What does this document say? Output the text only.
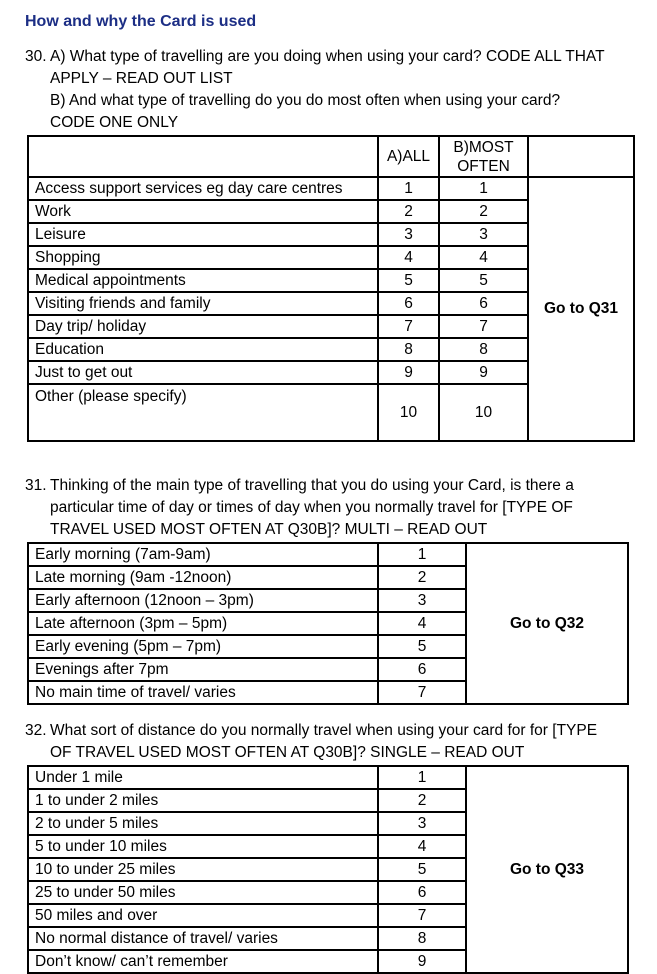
How and why the Card is used
30. A) What type of travelling are you doing when using your card? CODE ALL THAT
APPLY – READ OUT LIST
B) And what type of travelling do you do most often when using your card?
CODE ONE ONLY
	A)ALL	B)MOST OFTEN	
Access support services eg day care centres	1	1	Go to Q31
Work	2	2	
Leisure	3	3	
Shopping	4	4	
Medical appointments	5	5	
Visiting friends and family	6	6	
Day trip/ holiday	7	7	
Education	8	8	
Just to get out	9	9	
Other (please specify)	10	10	
31. Thinking of the main type of travelling that you do using your Card, is there a
particular time of day or times of day when you normally travel for [TYPE OF
TRAVEL USED MOST OFTEN AT Q30B]? MULTI – READ OUT
Early morning (7am-9am)	1	Go to Q32
Late morning (9am -12noon)	2	
Early afternoon (12noon – 3pm)	3	
Late afternoon (3pm – 5pm)	4	
Early evening (5pm – 7pm)	5	
Evenings after 7pm	6	
No main time of travel/ varies	7	
32. What sort of distance do you normally travel when using your card for for [TYPE
OF TRAVEL USED MOST OFTEN AT Q30B]? SINGLE – READ OUT
Under 1 mile	1	Go to Q33
1 to under 2 miles	2	
2 to under 5 miles	3	
5 to under 10 miles	4	
10 to under 25 miles	5	
25 to under 50 miles	6	
50 miles and over	7	
No normal distance of travel/ varies	8	
Don’t know/ can’t remember	9	
